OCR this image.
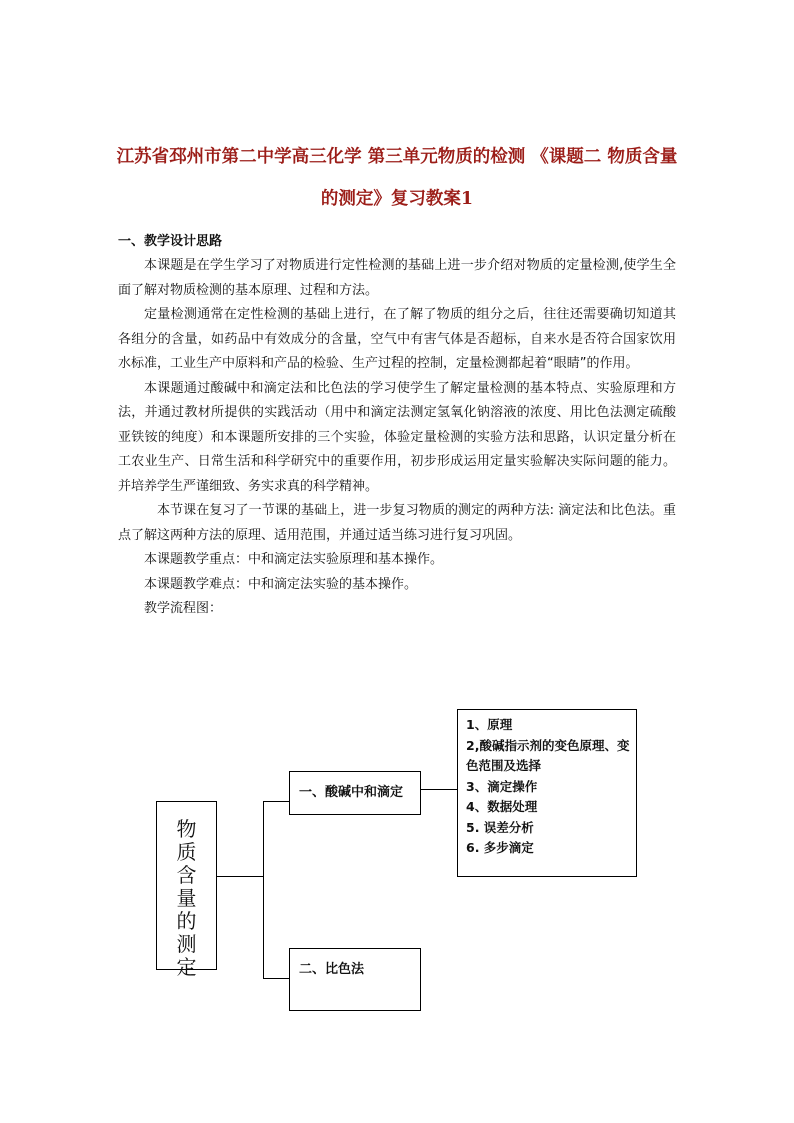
江苏省邳州市第二中学高三化学 第三单元物质的检测 《课题二 物质含量的测定》复习教案1
一、教学设计思路

本课题是在学生学习了对物质进行定性检测的基础上进一步介绍对物质的定量检测,使学生全面了解对物质检测的基本原理、过程和方法。

定量检测通常在定性检测的基础上进行，在了解了物质的组分之后，往往还需要确切知道其各组分的含量，如药品中有效成分的含量，空气中有害气体是否超标，自来水是否符合国家饮用水标准，工业生产中原料和产品的检验、生产过程的控制，定量检测都起着“眼睛”的作用。

本课题通过酸碱中和滴定法和比色法的学习使学生了解定量检测的基本特点、实验原理和方法，并通过教材所提供的实践活动（用中和滴定法测定氢氧化钠溶液的浓度、用比色法测定硫酸亚铁铵的纯度）和本课题所安排的三个实验，体验定量检测的实验方法和思路，认识定量分析在工农业生产、日常生活和科学研究中的重要作用，初步形成运用定量实验解决实际问题的能力。并培养学生严谨细致、务实求真的科学精神。

本节课在复习了一节课的基础上，进一步复习物质的测定的两种方法: 滴定法和比色法。重点了解这两种方法的原理、适用范围，并通过适当练习进行复习巩固。

本课题教学重点：中和滴定法实验原理和基本操作。

本课题教学难点：中和滴定法实验的基本操作。

教学流程图：

物
质
含
量
的
测
定
一、酸碱中和滴定
二、比色法
1、原理
2,酸碱指示剂的变色原理、变色范围及选择
3、滴定操作
4、数据处理
5. 误差分析
6. 多步滴定
